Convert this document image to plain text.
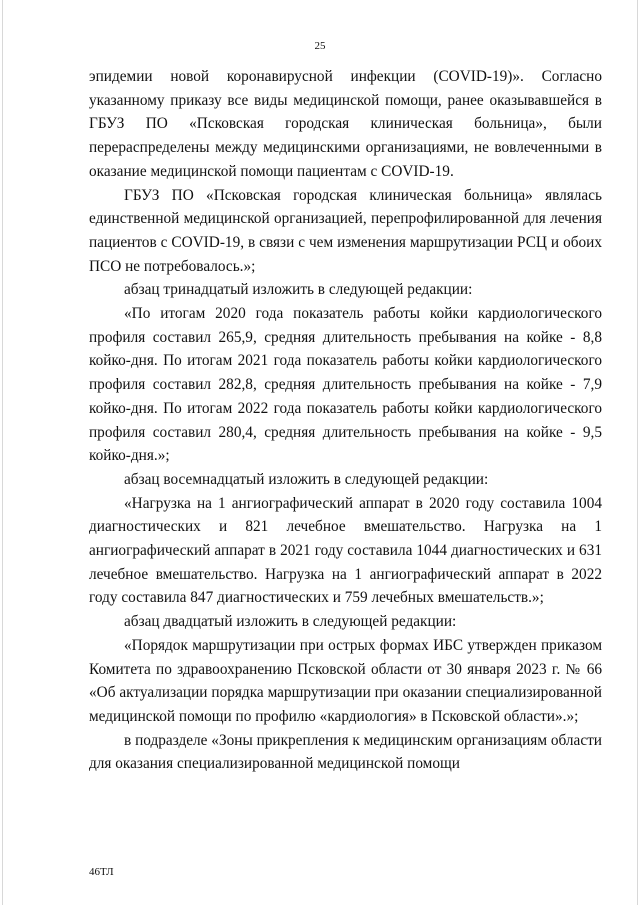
25

эпидемии новой коронавирусной инфекции (COVID-19)». Согласно указанному приказу все виды медицинской помощи, ранее оказывавшейся в ГБУЗ ПО «Псковская городская клиническая больница», были перераспределены между медицинскими организациями, не вовлеченными в оказание медицинской помощи пациентам с COVID-19.

ГБУЗ ПО «Псковская городская клиническая больница» являлась единственной медицинской организацией, перепрофилированной для лечения пациентов с COVID-19, в связи с чем изменения маршрутизации РСЦ и обоих ПСО не потребовалось.»;

абзац тринадцатый изложить в следующей редакции:

«По итогам 2020 года показатель работы койки кардиологического профиля составил 265,9, средняя длительность пребывания на койке - 8,8 койко-дня. По итогам 2021 года показатель работы койки кардиологического профиля составил 282,8, средняя длительность пребывания на койке - 7,9 койко-дня. По итогам 2022 года показатель работы койки кардиологического профиля составил 280,4, средняя длительность пребывания на койке - 9,5 койко-дня.»;

абзац восемнадцатый изложить в следующей редакции:

«Нагрузка на 1 ангиографический аппарат в 2020 году составила 1004 диагностических и 821 лечебное вмешательство. Нагрузка на 1 ангиографический аппарат в 2021 году составила 1044 диагностических и 631 лечебное вмешательство. Нагрузка на 1 ангиографический аппарат в 2022 году составила 847 диагностических и 759 лечебных вмешательств.»;

абзац двадцатый изложить в следующей редакции:

«Порядок маршрутизации при острых формах ИБС утвержден приказом Комитета по здравоохранению Псковской области от 30 января 2023 г. № 66 «Об актуализации порядка маршрутизации при оказании специализированной медицинской помощи по профилю «кардиология» в Псковской области».»;

в подразделе «Зоны прикрепления к медицинским организациям области для оказания специализированной медицинской помощи

46ТЛ
